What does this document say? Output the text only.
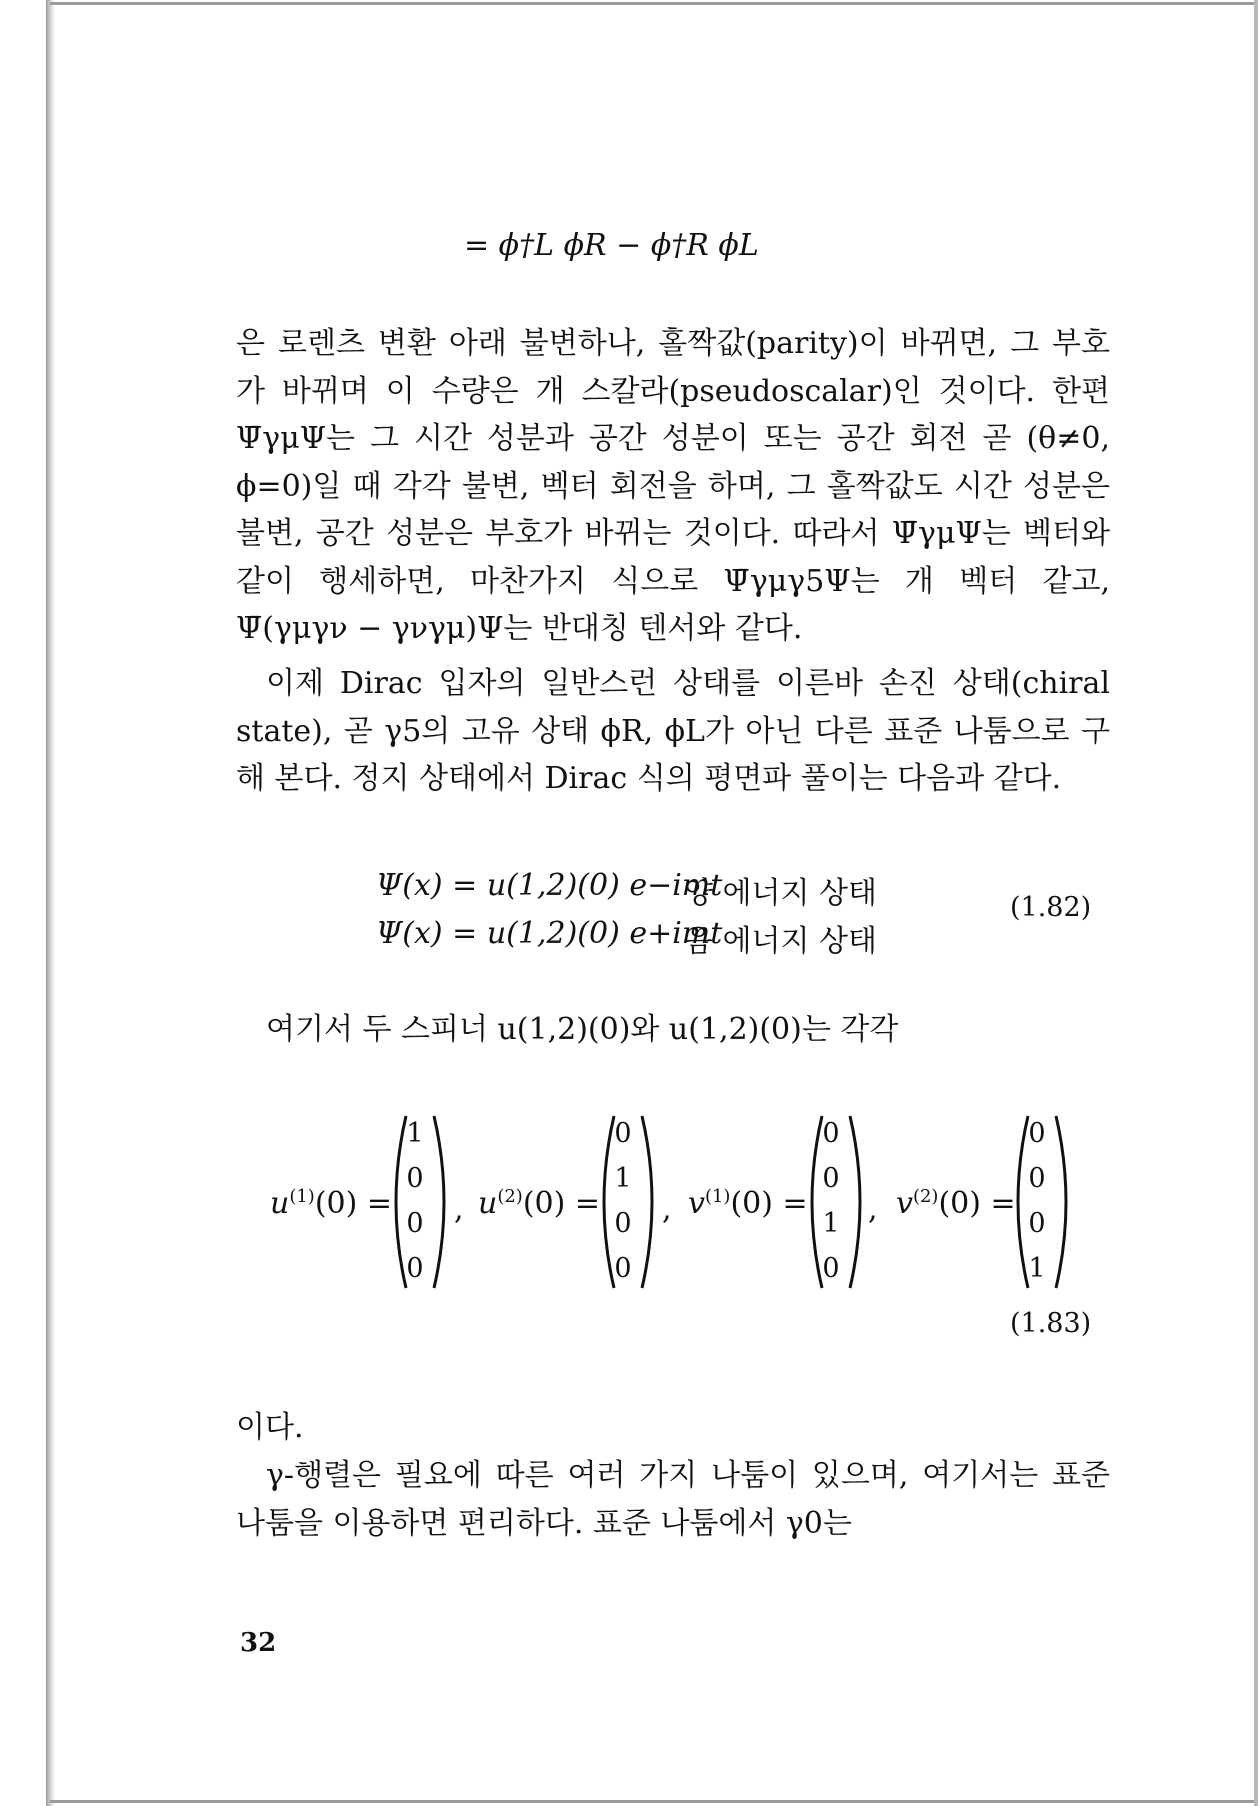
= ϕ†L ϕR − ϕ†R ϕL

은 로렌츠 변환 아래 불변하나, 홀짝값(parity)이 바뀌면, 그 부호가 바뀌며 이 수량은 개 스칼라(pseudoscalar)인 것이다. 한편 Ψ̄γμΨ는 그 시간 성분과 공간 성분이 또는 공간 회전 곧 (θ≠0, ϕ=0)일 때 각각 불변, 벡터 회전을 하며, 그 홀짝값도 시간 성분은 불변, 공간 성분은 부호가 바뀌는 것이다. 따라서 Ψ̄γμΨ는 벡터와 같이 행세하면, 마찬가지 식으로 Ψ̄γμγ5Ψ는 개 벡터 같고, Ψ̄(γμγν − γνγμ)Ψ는 반대칭 텐서와 같다.

이제 Dirac 입자의 일반스런 상태를 이른바 손진 상태(chiral state), 곧 γ5의 고유 상태 ϕR, ϕL가 아닌 다른 표준 나툼으로 구해 본다. 정지 상태에서 Dirac 식의 평면파 풀이는 다음과 같다.

Ψ(x) = u(1,2)(0) e−imt
양 에너지 상태
Ψ(x) = u(1,2)(0) e+imt
음 에너지 상태
(1.82)

여기서 두 스피너 u(1,2)(0)와 u(1,2)(0)는 각각

$u^{(1)}(0)$ =
1
0
0
0
, $u^{(2)}(0)$ =
0
1
0
0
, $v^{(1)}(0)$ =
0
0
1
0
, $v^{(2)}(0)$ =
0
0
0
1
(1.83)

이다.

γ-행렬은 필요에 따른 여러 가지 나툼이 있으며, 여기서는 표준 나툼을 이용하면 편리하다. 표준 나툼에서 γ0는

32
